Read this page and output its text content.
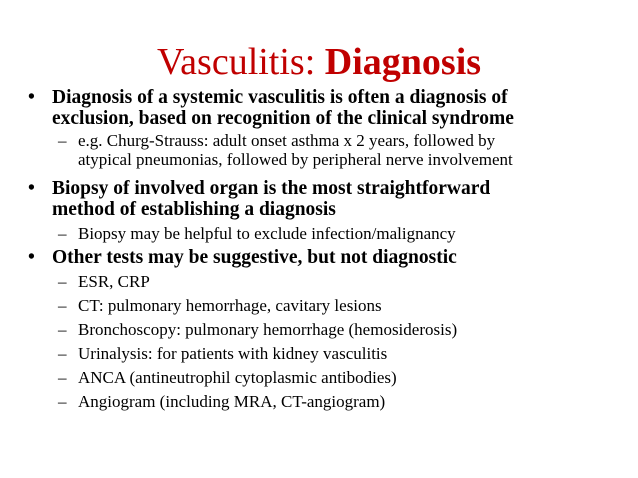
Vasculitis: Diagnosis
• Diagnosis of a systemic vasculitis is often a diagnosis of
exclusion, based on recognition of the clinical syndrome
– e.g. Churg-Strauss: adult onset asthma x 2 years, followed by
atypical pneumonias, followed by peripheral nerve involvement
• Biopsy of involved organ is the most straightforward
method of establishing a diagnosis
– Biopsy may be helpful to exclude infection/malignancy
• Other tests may be suggestive, but not diagnostic
– ESR, CRP
– CT: pulmonary hemorrhage, cavitary lesions
– Bronchoscopy: pulmonary hemorrhage (hemosiderosis)
– Urinalysis: for patients with kidney vasculitis
– ANCA (antineutrophil cytoplasmic antibodies)
– Angiogram (including MRA, CT-angiogram)
